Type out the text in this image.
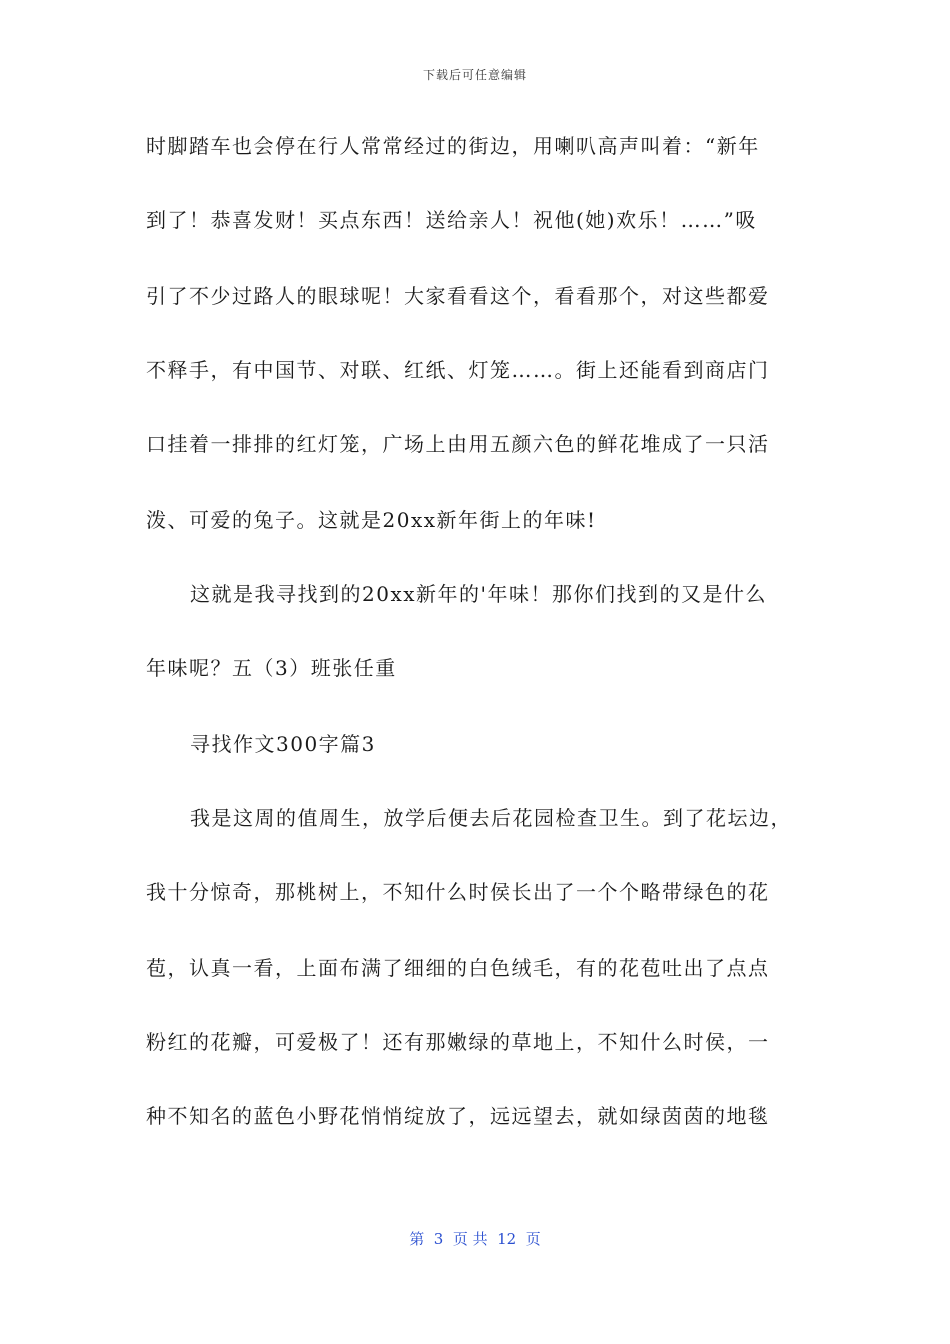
下载后可任意编辑
时脚踏车也会停在行人常常经过的街边，用喇叭高声叫着：“新年
到了！恭喜发财！买点东西！送给亲人！祝他(她)欢乐！……”吸
引了不少过路人的眼球呢！大家看看这个，看看那个，对这些都爱
不释手，有中国节、对联、红纸、灯笼……。街上还能看到商店门
口挂着一排排的红灯笼，广场上由用五颜六色的鲜花堆成了一只活
泼、可爱的兔子。这就是20xx新年街上的年味!
这就是我寻找到的20xx新年的'年味！那你们找到的又是什么
年味呢？五（3）班张任重
寻找作文300字篇3
我是这周的值周生，放学后便去后花园检查卫生。到了花坛边，
我十分惊奇，那桃树上，不知什么时侯长出了一个个略带绿色的花
苞，认真一看，上面布满了细细的白色绒毛，有的花苞吐出了点点
粉红的花瓣，可爱极了！还有那嫩绿的草地上，不知什么时侯，一
种不知名的蓝色小野花悄悄绽放了，远远望去，就如绿茵茵的地毯
第  3  页 共  12  页
